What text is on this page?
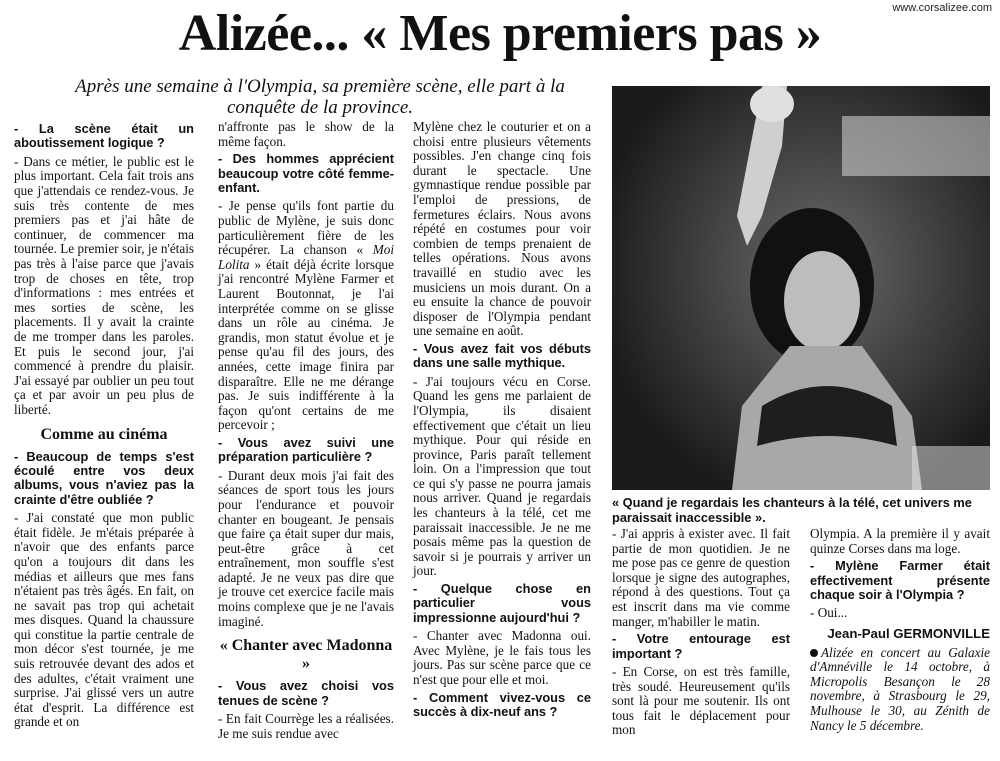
www.corsalizee.com
Alizée... « Mes premiers pas »
Après une semaine à l'Olympia, sa première scène, elle part à la conquête de la province.
- La scène était un aboutissement logique ?

- Dans ce métier, le public est le plus important. Cela fait trois ans que j'attendais ce rendez-vous. Je suis très contente de mes premiers pas et j'ai hâte de continuer, de commencer ma tournée. Le premier soir, je n'étais pas très à l'aise parce que j'avais trop de choses en tête, trop d'informations : mes entrées et mes sorties de scène, les placements. Il y avait la crainte de me tromper dans les paroles. Et puis le second jour, j'ai commencé à prendre du plaisir. J'ai essayé par oublier un peu tout ça et par avoir un peu plus de liberté.

Comme au cinéma
- Beaucoup de temps s'est écoulé entre vos deux albums, vous n'aviez pas la crainte d'être oubliée ?

- J'ai constaté que mon public était fidèle. Je m'étais préparée à n'avoir que des enfants parce qu'on a toujours dit dans les médias et ailleurs que mes fans n'étaient pas très âgés. En fait, on ne savait pas trop qui achetait mes disques. Quand la chaussure qui constitue la partie centrale de mon décor s'est tournée, je me suis retrouvée devant des ados et des adultes, c'était vraiment une surprise. J'ai glissé vers un autre état d'esprit. La différence est grande et on

n'affronte pas le show de la même façon.

- Des hommes apprécient beaucoup votre côté femme-enfant.

- Je pense qu'ils font partie du public de Mylène, je suis donc particulièrement fière de les récupérer. La chanson « Moi Lolita » était déjà écrite lorsque j'ai rencontré Mylène Farmer et Laurent Boutonnat, je l'ai interprétée comme on se glisse dans un rôle au cinéma. Je grandis, mon statut évolue et je pense qu'au fil des jours, des années, cette image finira par disparaître. Elle ne me dérange pas. Je suis indifférente à la façon qu'ont certains de me percevoir ;

- Vous avez suivi une préparation particulière ?

- Durant deux mois j'ai fait des séances de sport tous les jours pour l'endurance et pouvoir chanter en bougeant. Je pensais que faire ça était super dur mais, peut-être grâce à cet entraînement, mon souffle s'est adapté. Je ne veux pas dire que je trouve cet exercice facile mais moins complexe que je ne l'avais imaginé.

« Chanter avec Madonna »
- Vous avez choisi vos tenues de scène ?

- En fait Courrège les a réalisées. Je me suis rendue avec

Mylène chez le couturier et on a choisi entre plusieurs vêtements possibles. J'en change cinq fois durant le spectacle. Une gymnastique rendue possible par l'emploi de pressions, de fermetures éclairs. Nous avons répété en costumes pour voir combien de temps prenaient de telles opérations. Nous avons travaillé en studio avec les musiciens un mois durant. On a eu ensuite la chance de pouvoir disposer de l'Olympia pendant une semaine en août.

- Vous avez fait vos débuts dans une salle mythique.

- J'ai toujours vécu en Corse. Quand les gens me parlaient de l'Olympia, ils disaient effectivement que c'était un lieu mythique. Pour qui réside en province, Paris paraît tellement loin. On a l'impression que tout ce qui s'y passe ne pourra jamais nous arriver. Quand je regardais les chanteurs à la télé, cet me paraissait inaccessible. Je ne me posais même pas la question de savoir si je pourrais y arriver un jour.

- Quelque chose en particulier vous impressionne aujourd'hui ?

- Chanter avec Madonna oui. Avec Mylène, je le fais tous les jours. Pas sur scène parce que ce n'est que pour elle et moi.

- Comment vivez-vous ce succès à dix-neuf ans ?
« Quand je regardais les chanteurs à la télé, cet univers me paraissait inaccessible ».

- J'ai appris à exister avec. Il fait partie de mon quotidien. Je ne me pose pas ce genre de question lorsque je signe des autographes, répond à des questions. Tout ça est inscrit dans ma vie comme manger, m'habiller le matin.

- Votre entourage est important ?

- En Corse, on est très famille, très soudé. Heureusement qu'ils sont là pour me soutenir. Ils ont tous fait le déplacement pour mon

Olympia. A la première il y avait quinze Corses dans ma loge.

- Mylène Farmer était effectivement présente chaque soir à l'Olympia ?

- Oui...

Jean-Paul GERMONVILLE

Alizée en concert au Galaxie d'Amnéville le 14 octobre, à Micropolis Besançon le 28 novembre, à Strasbourg le 29, Mulhouse le 30, au Zénith de Nancy le 5 décembre.
